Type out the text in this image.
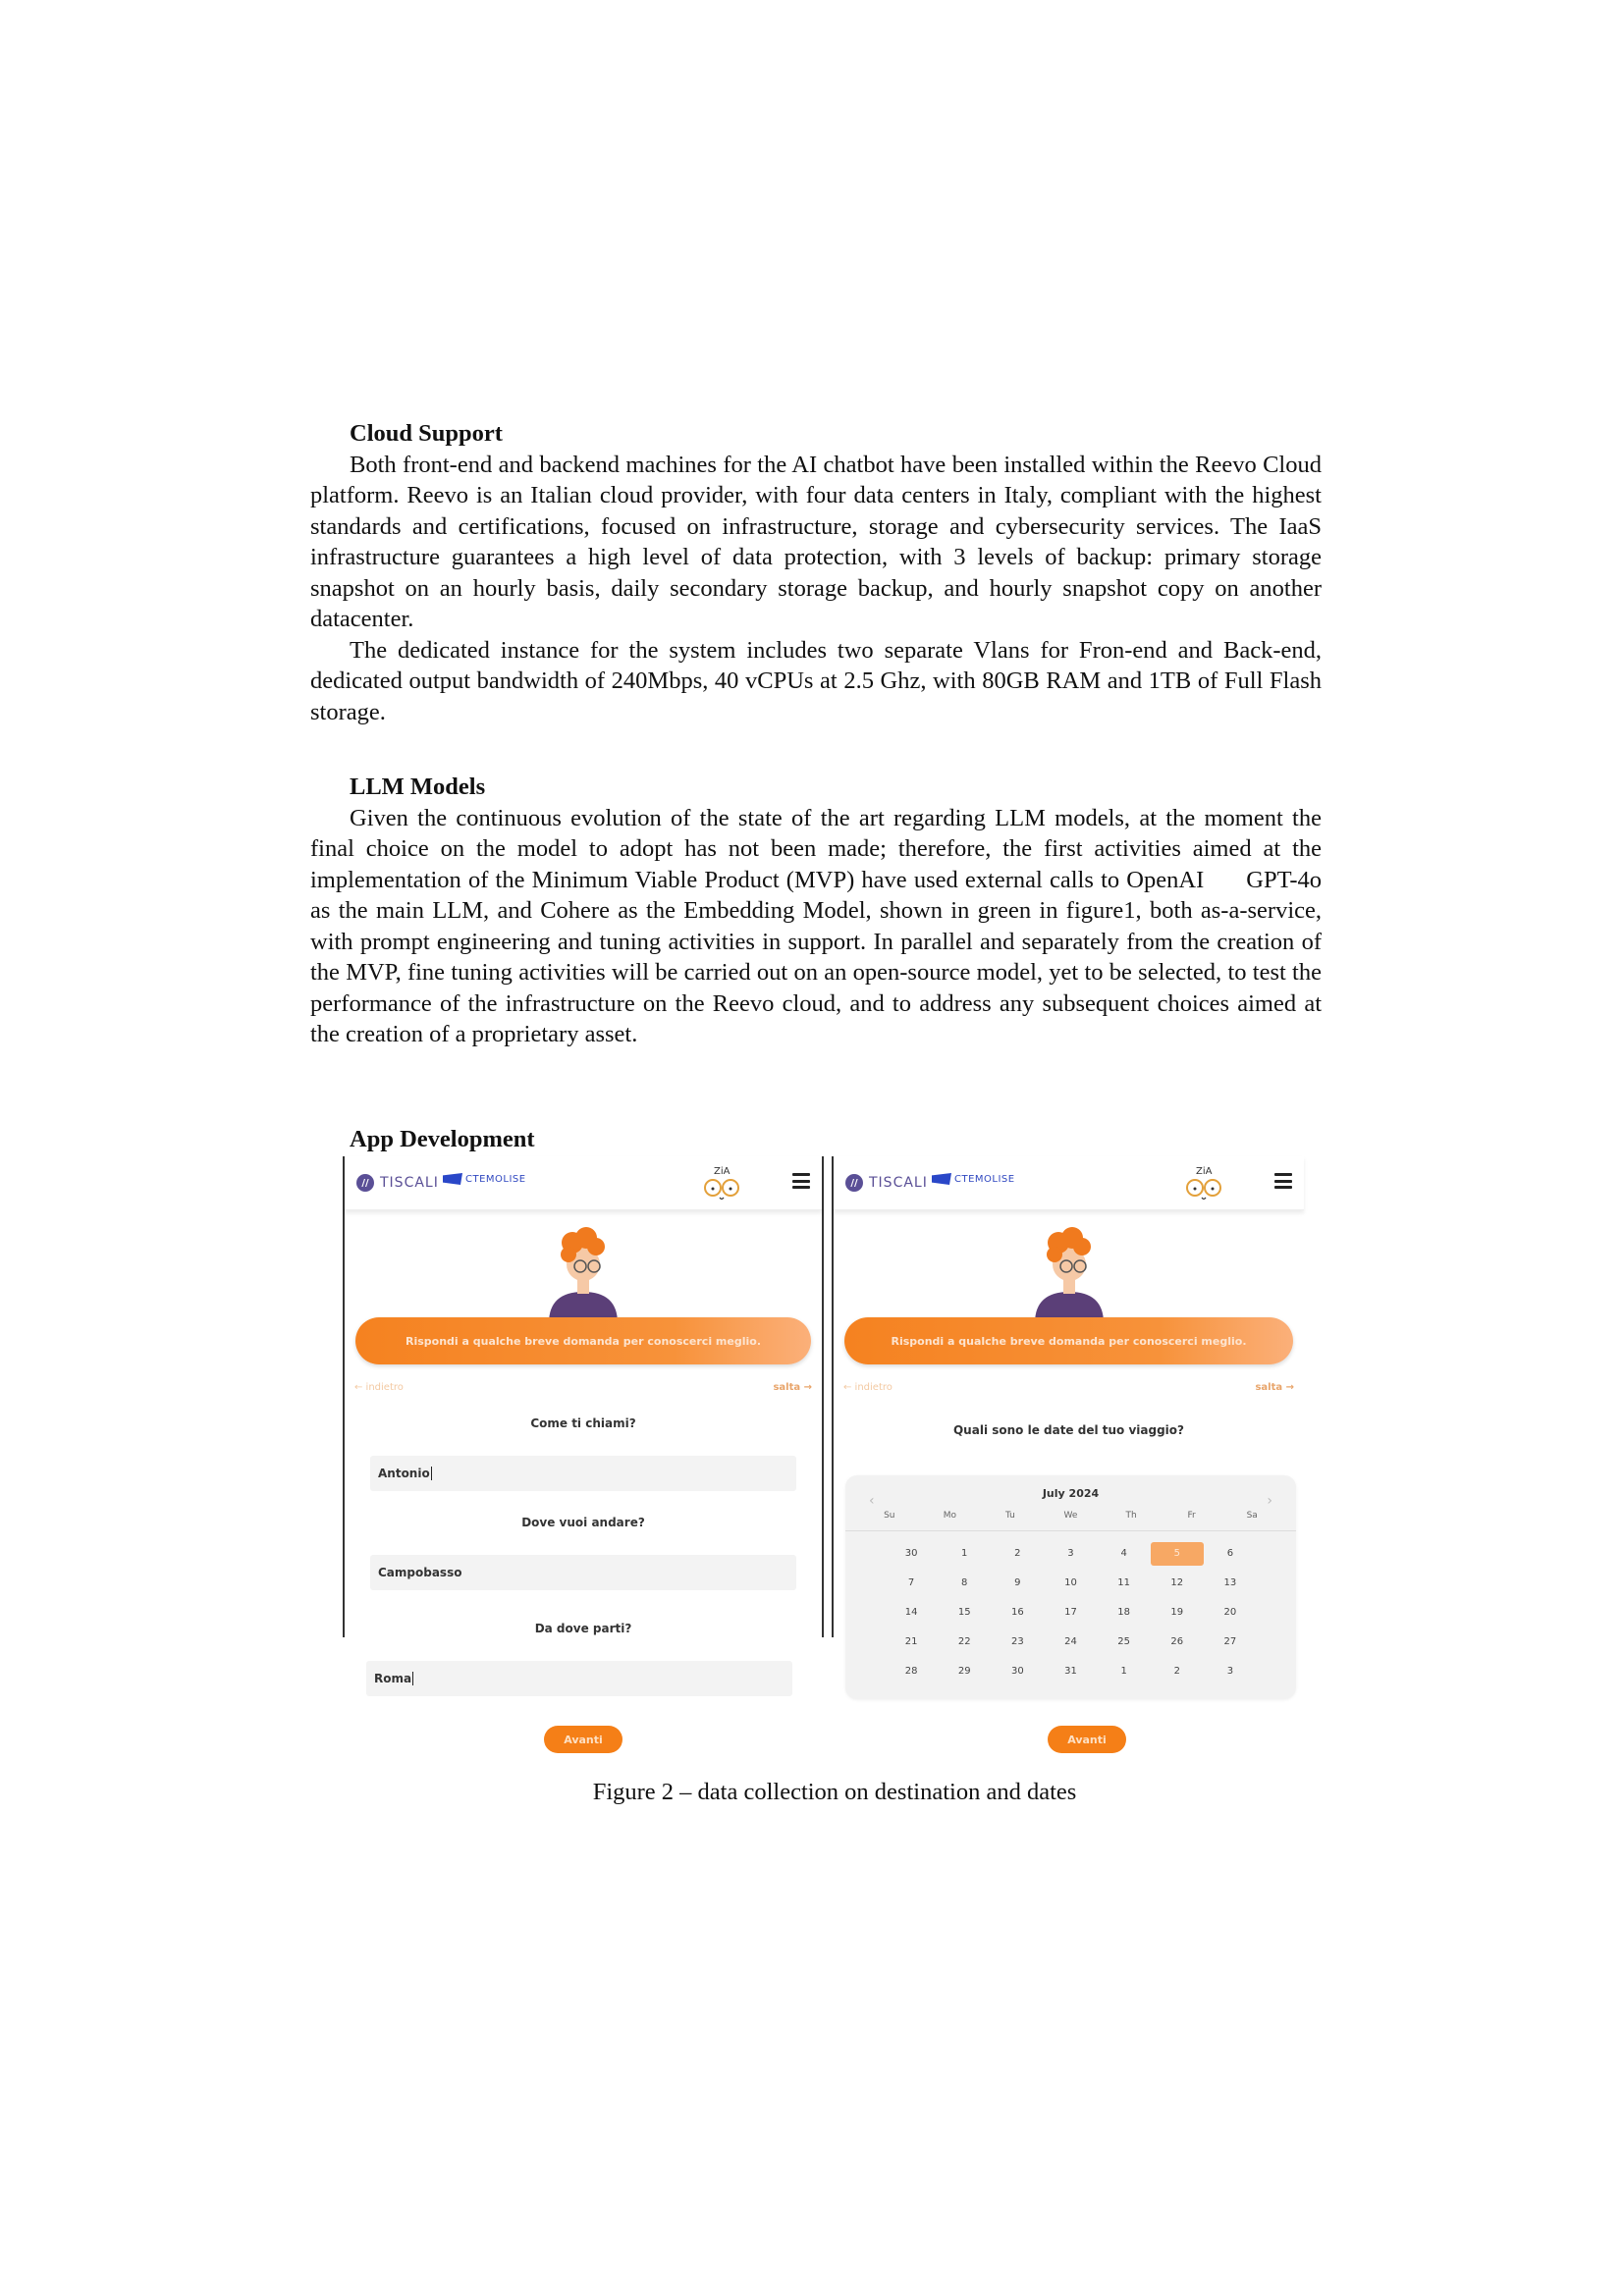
Cloud Support

Both front-end and backend machines for the AI chatbot have been installed within the Reevo Cloud platform. Reevo is an Italian cloud provider, with four data centers in Italy, compliant with the highest standards and certifications, focused on infrastructure, storage and cybersecurity services. The IaaS infrastructure guarantees a high level of data protection, with 3 levels of backup: primary storage snapshot on an hourly basis, daily secondary storage backup, and hourly snapshot copy on another datacenter.

The dedicated instance for the system includes two separate Vlans for Fron-end and Back-end, dedicated output bandwidth of 240Mbps, 40 vCPUs at 2.5 Ghz, with 80GB RAM and 1TB of Full Flash storage.

LLM Models

Given the continuous evolution of the state of the art regarding LLM models, at the moment the final choice on the model to adopt has not been made; therefore, the first activities aimed at the implementation of the Minimum Viable Product (MVP) have used external calls to OpenAI      GPT-4o as the main LLM, and Cohere as the Embedding Model, shown in green in figure1, both as-a-service, with prompt engineering and tuning activities in support. In parallel and separately from the creation of the MVP, fine tuning activities will be carried out on an open-source model, yet to be selected, to test the performance of the infrastructure on the Reevo cloud, and to address any subsequent choices aimed at the creation of a proprietary asset.

App Development
// TISCALI	CTEMOLISE
ZiA
Rispondi a qualche breve domanda per conoscerci meglio.
← indietro	salta →
Come ti chiami?
Antonio
Dove vuoi andare?
Campobasso
Da dove parti?
Roma
Avanti
// TISCALI	CTEMOLISE
ZiA
Rispondi a qualche breve domanda per conoscerci meglio.
← indietro	salta →
Quali sono le date del tuo viaggio?
July 2024
‹	›
Su	Mo	Tu	We	Th	Fr	Sa
30	1	2	3	4	5	6
7	8	9	10	11	12	13
14	15	16	17	18	19	20
21	22	23	24	25	26	27
28	29	30	31	1	2	3
Avanti
Figure 2 – data collection on destination and dates
